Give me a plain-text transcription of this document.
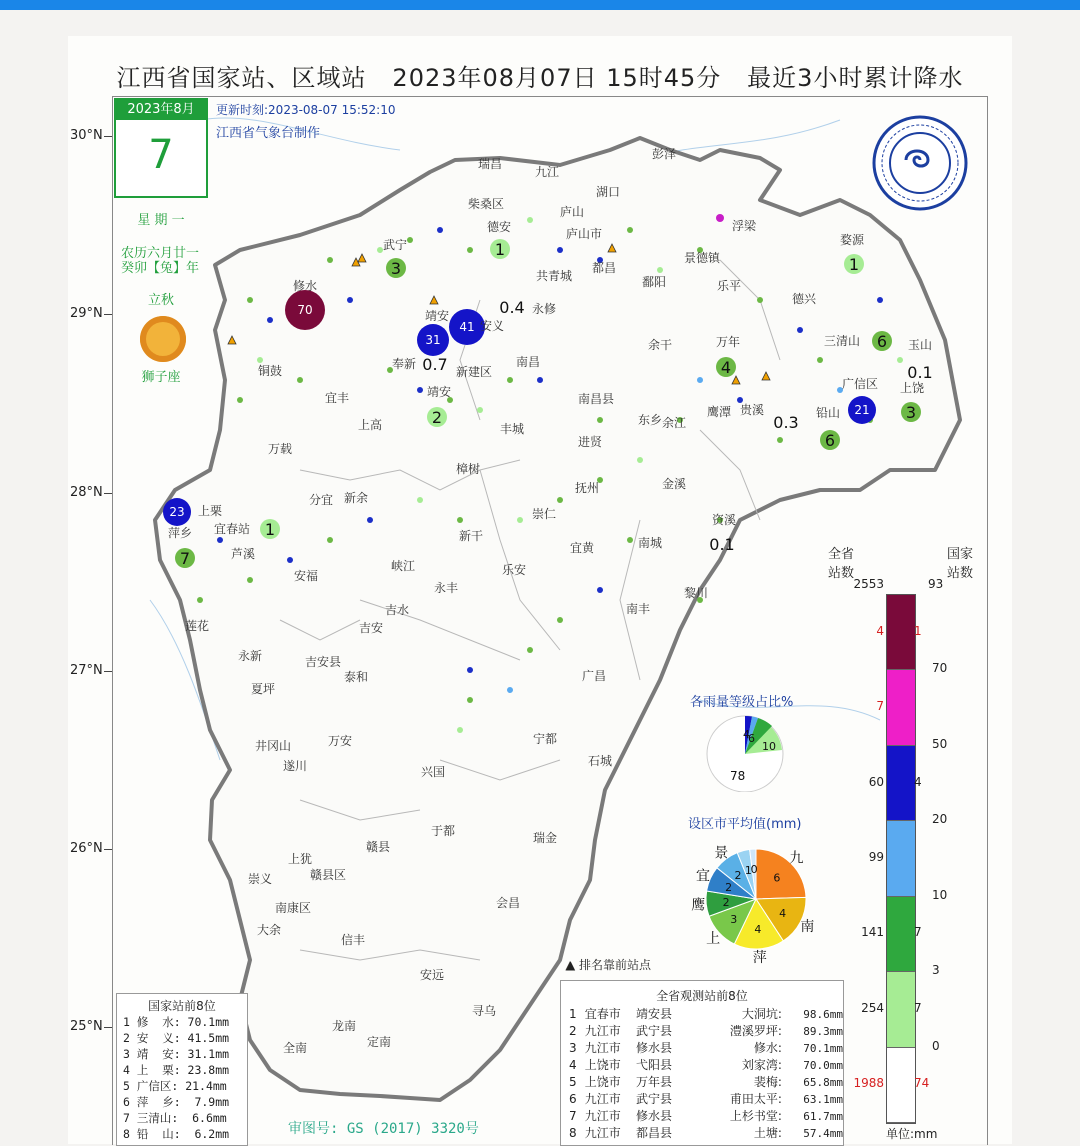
江西省国家站、区域站   2023年08月07日 15时45分   最近3小时累计降水
30°N
29°N
28°N
27°N
26°N
25°N
70
41
31
23
21
3
1
0.4
0.7
2
4
6
0.1
0.3
6
3
1
7
1
0.1
瑞昌
九江
彭泽
湖口
柴桑区
庐山
庐山市
德安
武宁
浮梁
婺源
修水
共青城
都昌
景德镇
鄱阳	乐平
德兴
靖安	永修
安义
三清山	玉山
余干	万年
奉新
新建区
南昌
广信区 上饶
铜鼓
靖安	南昌县
余江
鹰潭 贵溪	铅山
宜丰
上高	丰城
进贤
东乡
万载
樟树
金溪
抚州
分宜 新余
上栗
宜春站
萍乡
芦溪
崇仁
新干
宜黄	南城
资溪
峡江
安福	乐安
永丰
吉水
黎川
莲花	吉安
南丰
永新	吉安县
泰和	广昌
夏坪
井冈山	万安
遂川	兴国
宁都
石城
于都	瑞金
上犹
赣县
崇义	赣县区
南康区
大余
信丰
会昌
安远
寻乌
龙南
全南	定南
2023年8月
7
星 期 一
农历六月廿一
癸卯【兔】年
立秋
狮子座
更新时刻:2023-08-07 15:52:10
江西省气象台制作
各雨量等级占比%
78
10
6
4
设区市平均值(mm)
6
九
4
南
4
萍
3
上
2
鹰
2
宜 2
景
1
0
全省
站数
国家
站数
2553	93
4	1
7
60	4
99
141	7
254	7
1988	74
70
50
20
10
3
0
单位:mm
▲ 排名靠前站点
国家站前8位
1 修  水: 70.1mm
2 安  义: 41.5mm
3 靖  安: 31.1mm
4 上  栗: 23.8mm
5 广信区: 21.4mm
6 萍  乡:  7.9mm
7 三清山:  6.6mm
8 铅  山:  6.2mm
全省观测站前8位
1 宜春市	靖安县	大洞坑:	98.6mm
2 九江市	武宁县	澧溪罗坪:	89.3mm
3 九江市	修水县	修水:	70.1mm
4 上饶市	弋阳县	刘家湾:	70.0mm
5 上饶市	万年县	裴梅:	65.8mm
6 九江市	武宁县	甫田太平:	63.1mm
7 九江市	修水县	上杉书堂:	61.7mm
8 九江市	都昌县	土塘:	57.4mm
审图号: GS (2017) 3320号
